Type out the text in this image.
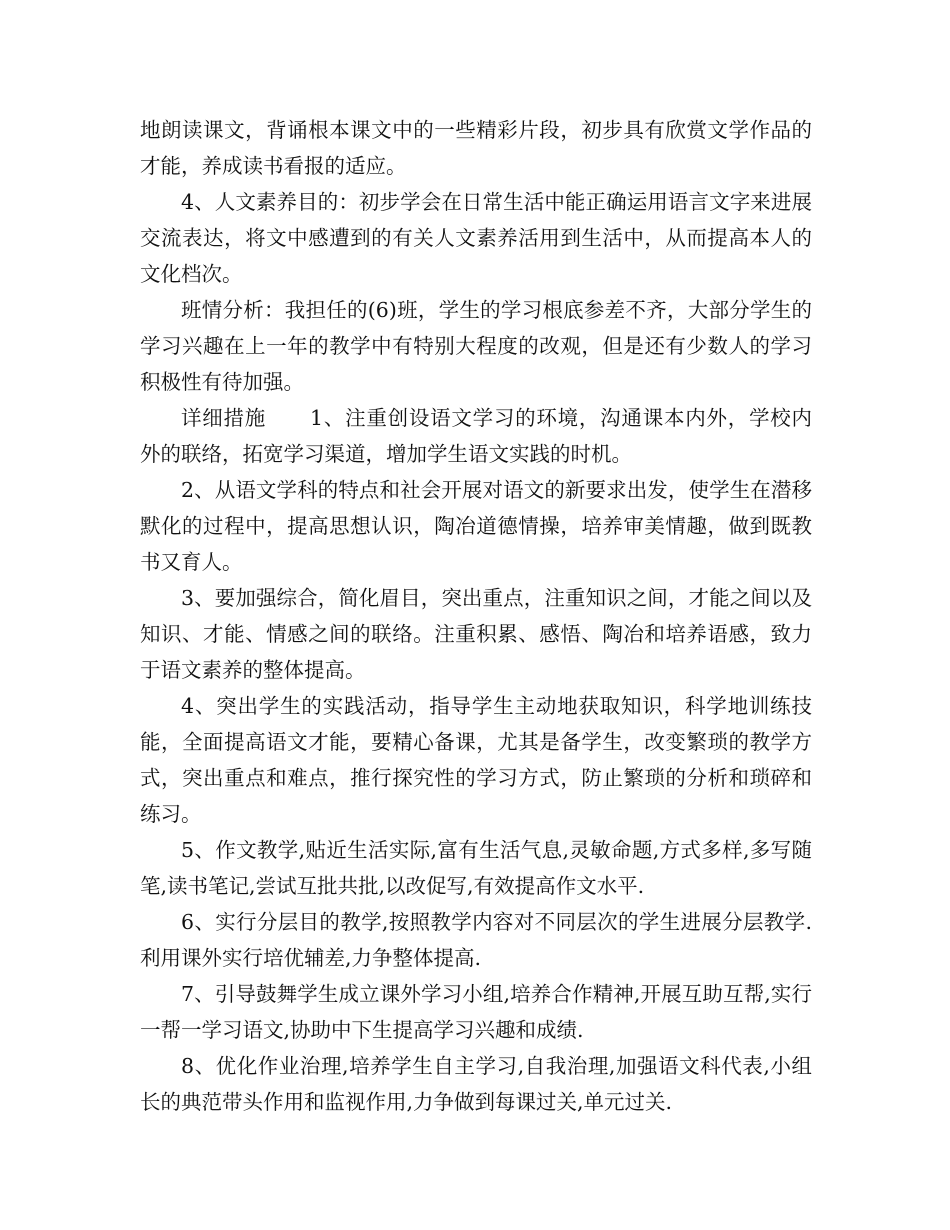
地朗读课文，背诵根本课文中的一些精彩片段，初步具有欣赏文学作品的才能，养成读书看报的适应。

4、人文素养目的：初步学会在日常生活中能正确运用语言文字来进展交流表达，将文中感遭到的有关人文素养活用到生活中，从而提高本人的文化档次。

班情分析：我担任的(6)班，学生的学习根底参差不齐，大部分学生的学习兴趣在上一年的教学中有特别大程度的改观，但是还有少数人的学习积极性有待加强。

详细措施 1、注重创设语文学习的环境，沟通课本内外，学校内外的联络，拓宽学习渠道，增加学生语文实践的时机。

2、从语文学科的特点和社会开展对语文的新要求出发，使学生在潜移默化的过程中，提高思想认识，陶冶道德情操，培养审美情趣，做到既教书又育人。

3、要加强综合，简化眉目，突出重点，注重知识之间，才能之间以及知识、才能、情感之间的联络。注重积累、感悟、陶冶和培养语感，致力于语文素养的整体提高。

4、突出学生的实践活动，指导学生主动地获取知识，科学地训练技能，全面提高语文才能，要精心备课，尤其是备学生，改变繁琐的教学方式，突出重点和难点，推行探究性的学习方式，防止繁琐的分析和琐碎和练习。

5、作文教学,贴近生活实际,富有生活气息,灵敏命题,方式多样,多写随笔,读书笔记,尝试互批共批,以改促写,有效提高作文水平.

6、实行分层目的教学,按照教学内容对不同层次的学生进展分层教学.利用课外实行培优辅差,力争整体提高.

7、引导鼓舞学生成立课外学习小组,培养合作精神,开展互助互帮,实行一帮一学习语文,协助中下生提高学习兴趣和成绩.

8、优化作业治理,培养学生自主学习,自我治理,加强语文科代表,小组长的典范带头作用和监视作用,力争做到每课过关,单元过关.
